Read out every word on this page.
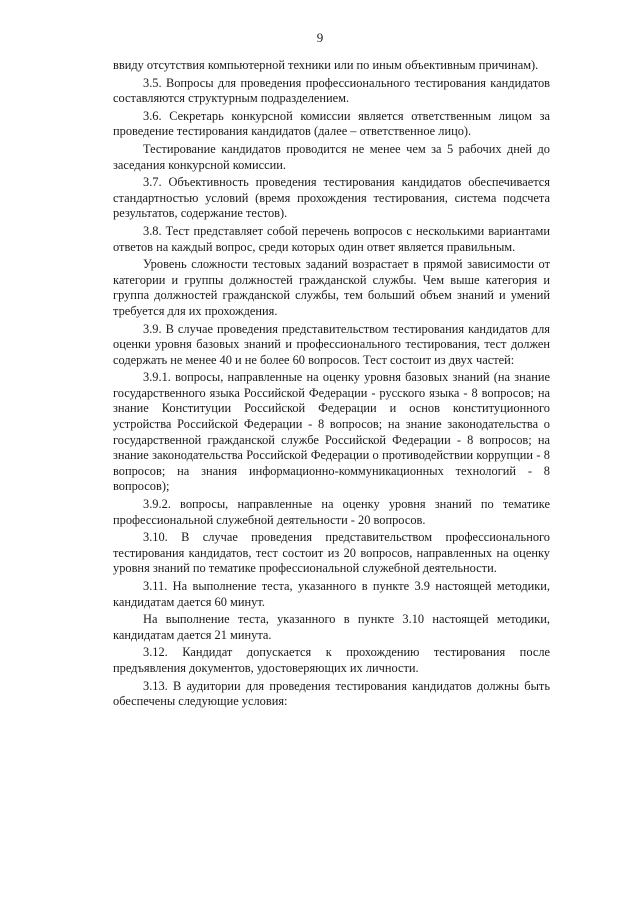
9

ввиду отсутствия компьютерной техники или по иным объективным причинам).

3.5. Вопросы для проведения профессионального тестирования кандидатов составляются структурным подразделением.

3.6. Секретарь конкурсной комиссии является ответственным лицом за проведение тестирования кандидатов (далее – ответственное лицо).

Тестирование кандидатов проводится не менее чем за 5 рабочих дней до заседания конкурсной комиссии.

3.7. Объективность проведения тестирования кандидатов обеспечивается стандартностью условий (время прохождения тестирования, система подсчета результатов, содержание тестов).

3.8. Тест представляет собой перечень вопросов с несколькими вариантами ответов на каждый вопрос, среди которых один ответ является правильным.

Уровень сложности тестовых заданий возрастает в прямой зависимости от категории и группы должностей гражданской службы. Чем выше категория и группа должностей гражданской службы, тем больший объем знаний и умений требуется для их прохождения.

3.9. В случае проведения представительством тестирования кандидатов для оценки уровня базовых знаний и профессионального тестирования, тест должен содержать не менее 40 и не более 60 вопросов. Тест состоит из двух частей:

3.9.1. вопросы, направленные на оценку уровня базовых знаний (на знание государственного языка Российской Федерации - русского языка - 8 вопросов; на знание Конституции Российской Федерации и основ конституционного устройства Российской Федерации - 8 вопросов; на знание законодательства о государственной гражданской службе Российской Федерации - 8 вопросов; на знание законодательства Российской Федерации о противодействии коррупции - 8 вопросов; на знания информационно-коммуникационных технологий - 8 вопросов);

3.9.2. вопросы, направленные на оценку уровня знаний по тематике профессиональной служебной деятельности - 20 вопросов.

3.10. В случае проведения представительством профессионального тестирования кандидатов, тест состоит из 20 вопросов, направленных на оценку уровня знаний по тематике профессиональной служебной деятельности.

3.11. На выполнение теста, указанного в пункте 3.9 настоящей методики, кандидатам дается 60 минут.

На выполнение теста, указанного в пункте 3.10 настоящей методики, кандидатам дается 21 минута.

3.12. Кандидат допускается к прохождению тестирования после предъявления документов, удостоверяющих их личности.

3.13. В аудитории для проведения тестирования кандидатов должны быть обеспечены следующие условия:
